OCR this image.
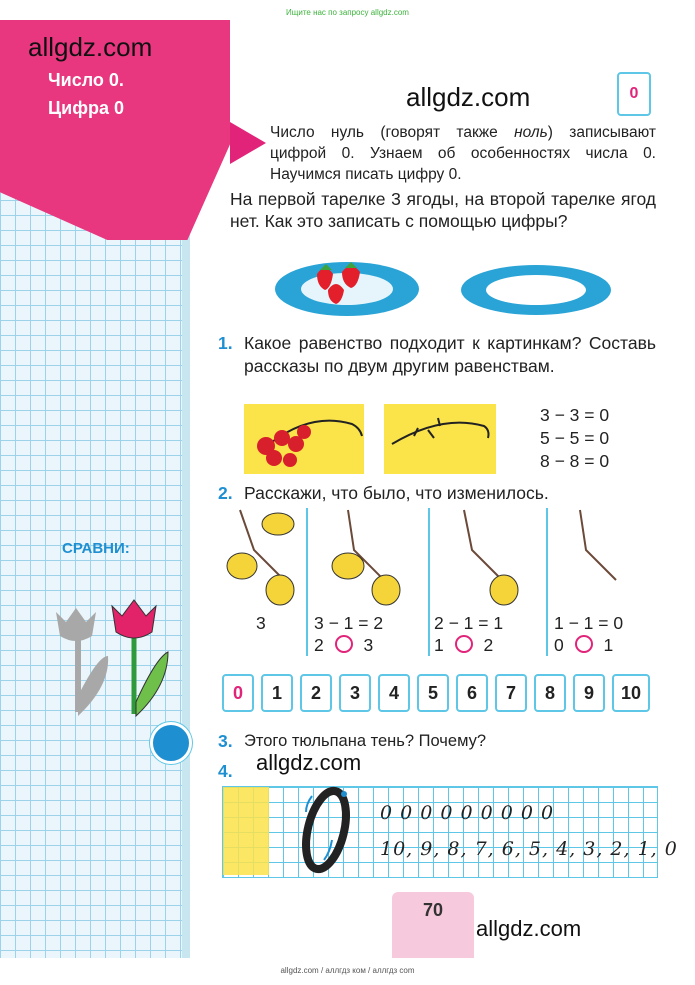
Ищите нас по запросу allgdz.com
allgdz.com / аллгдз ком / аллгдз com
allgdz.com
Число 0.
Цифра 0	allgdz.com	0
Число нуль (говорят также ноль) записывают цифрой 0. Узнаем об особенностях числа 0. Научимся писать цифру 0.
На первой тарелке 3 ягоды, на второй тарелке ягод нет. Как это записать с помощью цифры?
1. Какое равенство подходит к картинкам? Составь рассказы по двум другим равенствам.
3 − 3 = 0
5 − 5 = 0
8 − 8 = 0
2. Расскажи, что было, что изменилось.
3	3 − 1 = 2	2 − 1 = 1	1 − 1 = 0
2 3	1 2	0 1
0	1	2	3	4	5	6	7	8	9	10
СРАВНИ:
3. Этого тюльпана тень? Почему?
4. allgdz.com
0 0 0 0 0 0 0 0 0
10, 9, 8, 7, 6, 5, 4, 3, 2, 1, 0
70
allgdz.com
